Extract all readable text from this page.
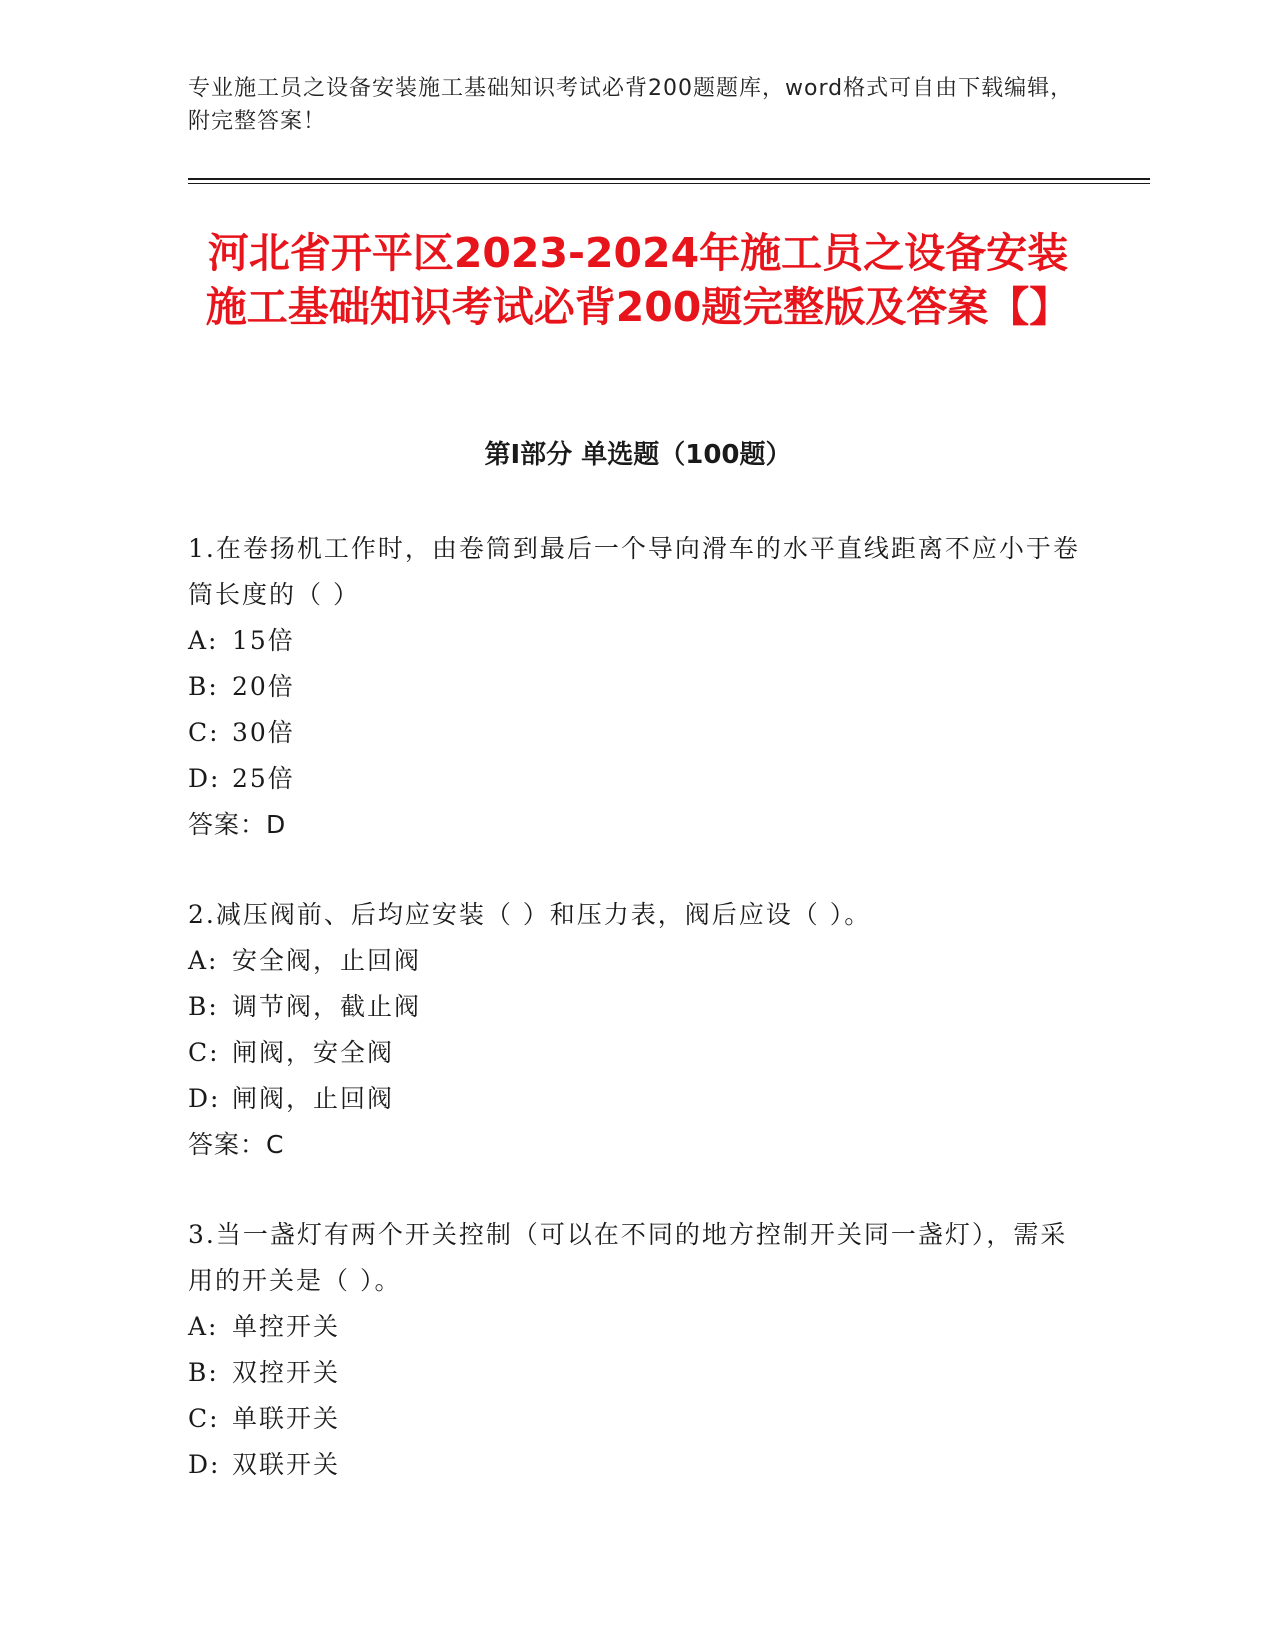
专业施工员之设备安装施工基础知识考试必背200题题库，word格式可自由下载编辑，附完整答案！
河北省开平区2023-2024年施工员之设备安装施工基础知识考试必背200题完整版及答案【】
第Ⅰ部分 单选题（100题）

1.在卷扬机工作时，由卷筒到最后一个导向滑车的水平直线距离不应小于卷筒长度的（ ）

A: 15倍

B: 20倍

C: 30倍

D: 25倍

答案：D

2.减压阀前、后均应安装（ ）和压力表，阀后应设（ ）。

A: 安全阀，止回阀

B: 调节阀，截止阀

C: 闸阀，安全阀

D: 闸阀，止回阀

答案：C

3.当一盏灯有两个开关控制（可以在不同的地方控制开关同一盏灯），需采用的开关是（ ）。

A: 单控开关

B: 双控开关

C: 单联开关

D: 双联开关
